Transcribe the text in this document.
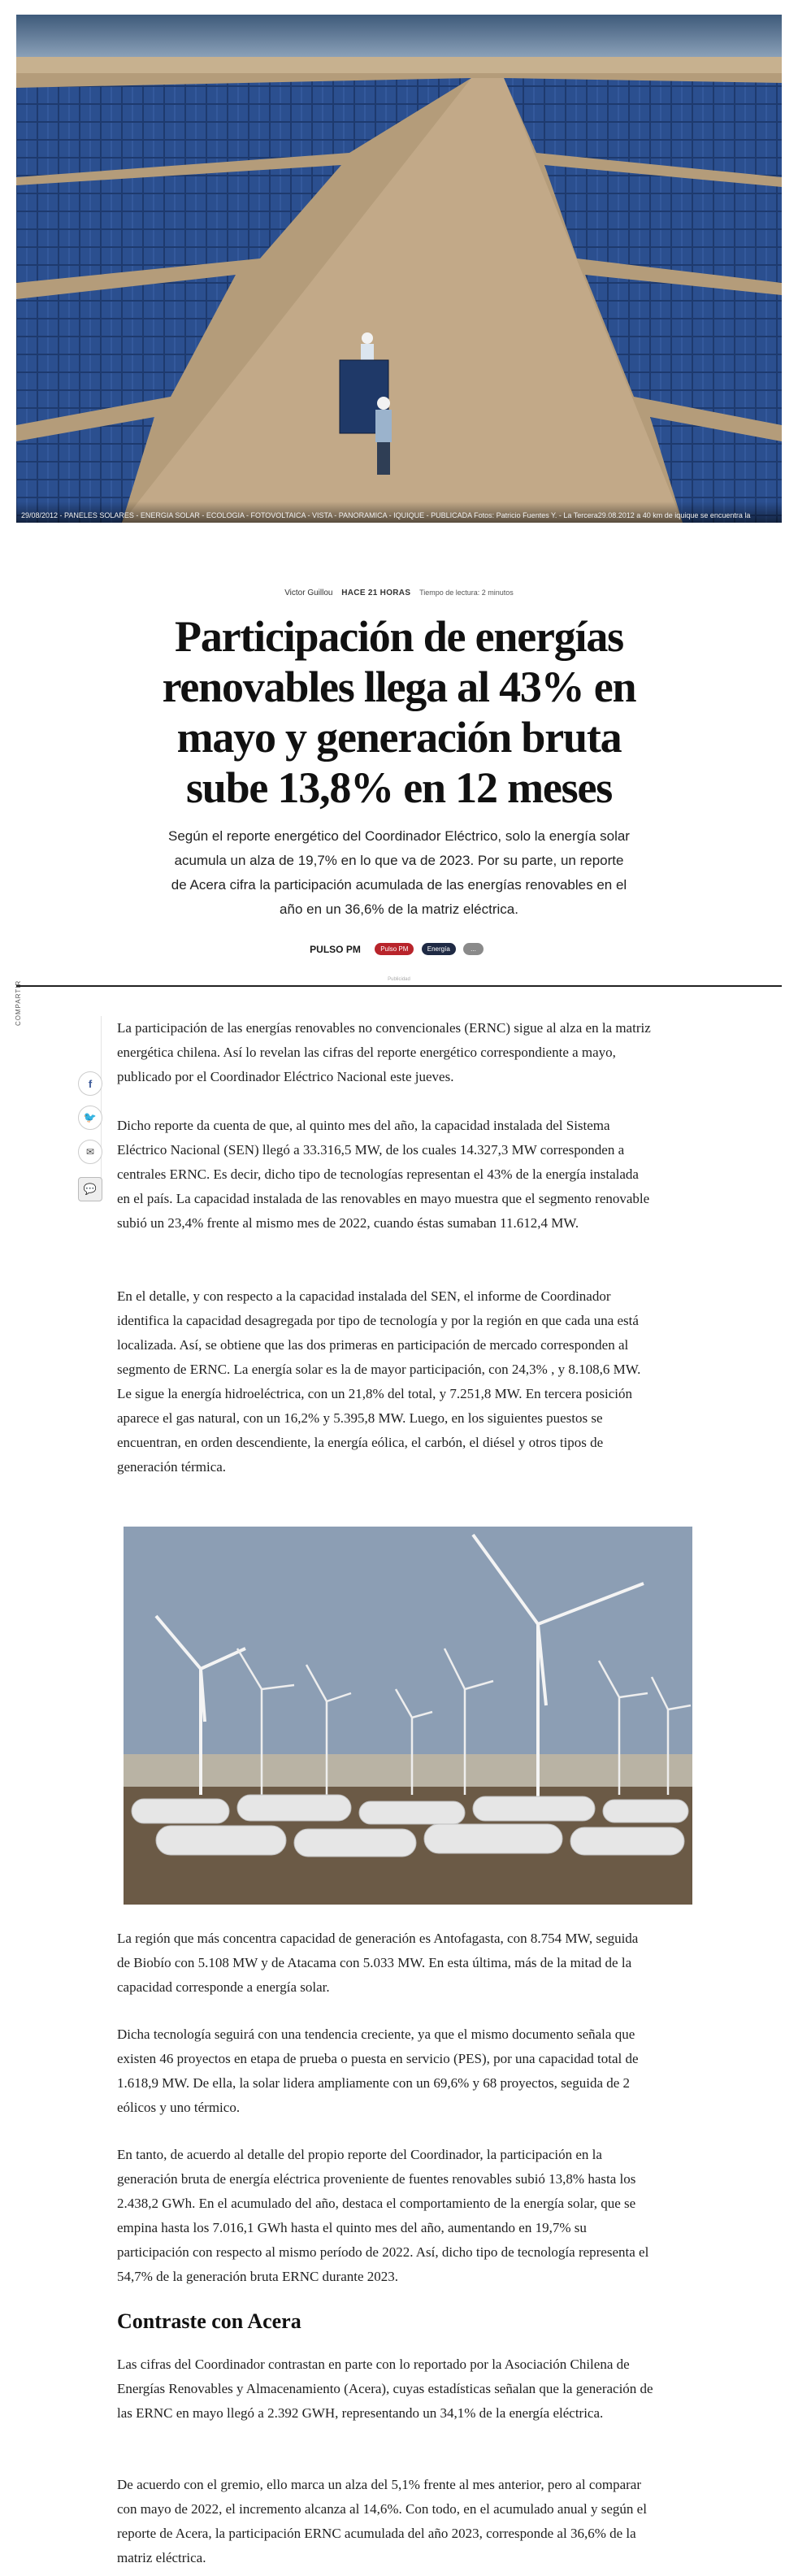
29/08/2012 - PANELES SOLARES - ENERGIA SOLAR - ECOLOGIA - FOTOVOLTAICA - VISTA - PANORAMICA - IQUIQUE - PUBLICADA Fotos: Patricio Fuentes Y. - La Tercera29.08.2012 a 40 km de iquique se encuentra la
Victor Guillou HACE 21 HORAS Tiempo de lectura: 2 minutos
Participación de energías renovables llega al 43% en mayo y generación bruta sube 13,8% en 12 meses

Según el reporte energético del Coordinador Eléctrico, solo la energía solar acumula un alza de 19,7% en lo que va de 2023. Por su parte, un reporte de Acera cifra la participación acumulada de las energías renovables en el año en un 36,6% de la matriz eléctrica.

PULSO PM	Pulso PM	Energía	...
Publicidad
COMPARTIR
f
🐦
✉
💬

La participación de las energías renovables no convencionales (ERNC) sigue al alza en la matriz energética chilena. Así lo revelan las cifras del reporte energético correspondiente a mayo, publicado por el Coordinador Eléctrico Nacional este jueves.

Dicho reporte da cuenta de que, al quinto mes del año, la capacidad instalada del Sistema Eléctrico Nacional (SEN) llegó a 33.316,5 MW, de los cuales 14.327,3 MW corresponden a centrales ERNC. Es decir, dicho tipo de tecnologías representan el 43% de la energía instalada en el país. La capacidad instalada de las renovables en mayo muestra que el segmento renovable subió un 23,4% frente al mismo mes de 2022, cuando éstas sumaban 11.612,4 MW.

En el detalle, y con respecto a la capacidad instalada del SEN, el informe de Coordinador identifica la capacidad desagregada por tipo de tecnología y por la región en que cada una está localizada. Así, se obtiene que las dos primeras en participación de mercado corresponden al segmento de ERNC. La energía solar es la de mayor participación, con 24,3% , y 8.108,6 MW. Le sigue la energía hidroeléctrica, con un 21,8% del total, y 7.251,8 MW. En tercera posición aparece el gas natural, con un 16,2% y 5.395,8 MW. Luego, en los siguientes puestos se encuentran, en orden descendiente, la energía eólica, el carbón, el diésel y otros tipos de generación térmica.

La región que más concentra capacidad de generación es Antofagasta, con 8.754 MW, seguida de Biobío con 5.108 MW y de Atacama con 5.033 MW. En esta última, más de la mitad de la capacidad corresponde a energía solar.

Dicha tecnología seguirá con una tendencia creciente, ya que el mismo documento señala que existen 46 proyectos en etapa de prueba o puesta en servicio (PES), por una capacidad total de 1.618,9 MW. De ella, la solar lidera ampliamente con un 69,6% y 68 proyectos, seguida de 2 eólicos y uno térmico.

En tanto, de acuerdo al detalle del propio reporte del Coordinador, la participación en la generación bruta de energía eléctrica proveniente de fuentes renovables subió 13,8% hasta los 2.438,2 GWh. En el acumulado del año, destaca el comportamiento de la energía solar, que se empina hasta los 7.016,1 GWh hasta el quinto mes del año, aumentando en 19,7% su participación con respecto al mismo período de 2022. Así, dicho tipo de tecnología representa el 54,7% de la generación bruta ERNC durante 2023.

Contraste con Acera

Las cifras del Coordinador contrastan en parte con lo reportado por la Asociación Chilena de Energías Renovables y Almacenamiento (Acera), cuyas estadísticas señalan que la generación de las ERNC en mayo llegó a 2.392 GWH, representando un 34,1% de la energía eléctrica.

De acuerdo con el gremio, ello marca un alza del 5,1% frente al mes anterior, pero al comparar con mayo de 2022, el incremento alcanza al 14,6%. Con todo, en el acumulado anual y según el reporte de Acera, la participación ERNC acumulada del año 2023, corresponde al 36,6% de la matriz eléctrica.
